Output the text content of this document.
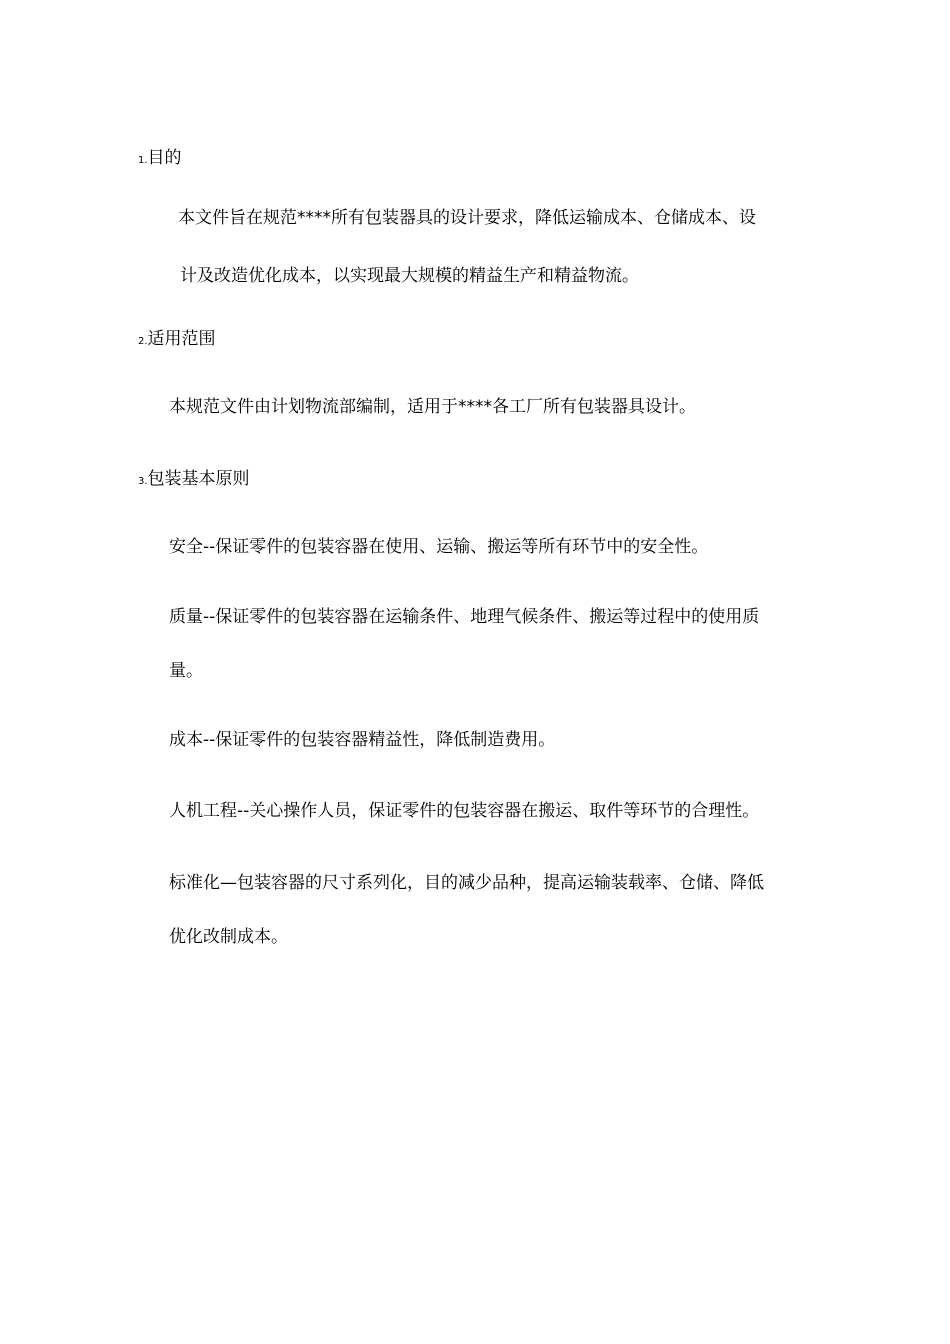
1.目的
本文件旨在规范****所有包装器具的设计要求，降低运输成本、仓储成本、设
计及改造优化成本，以实现最大规模的精益生产和精益物流。
2.适用范围
本规范文件由计划物流部编制，适用于****各工厂所有包装器具设计。
3.包装基本原则
安全--保证零件的包装容器在使用、运输、搬运等所有环节中的安全性。
质量--保证零件的包装容器在运输条件、地理气候条件、搬运等过程中的使用质
量。
成本--保证零件的包装容器精益性，降低制造费用。
人机工程--关心操作人员，保证零件的包装容器在搬运、取件等环节的合理性。
标准化—包装容器的尺寸系列化，目的减少品种，提高运输装载率、仓储、降低
优化改制成本。
